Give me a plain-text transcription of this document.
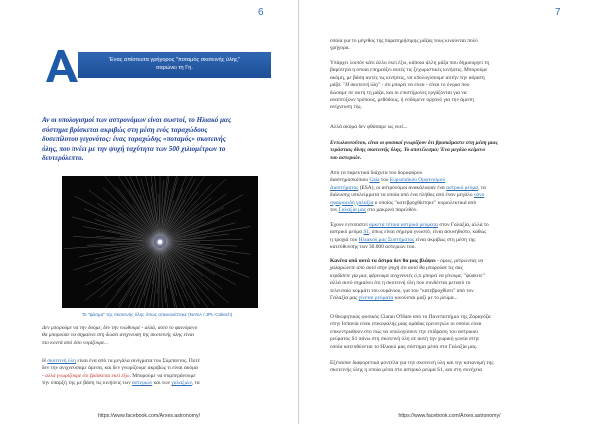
6
Ένας απίστευτα γρήγορος "ποταμός σκοτεινής ύλης"
σαρώνει τη Γη.
Αν οι υπολογισμοί των αστρονόμων είναι σωστοί, το Ηλιακό μας
σύστημα βρίσκεται ακριβώς στη μέση ενός ταραχώδους
δυσεπίλυτου γεγονότος: ένας ταραχώδης «ποταμός» σκοτεινής
ύλης, που πνέει με την ψυχή ταχύτητα των 500 χιλιομέτρων το
δευτερόλεπτο.
Το "φάσμα" της σκοτεινής ύλης όπως απεικονίστηκε (NASA / JPL-Caltech)
Δεν μπορούμε να την δούμε, δεν την νιώθουμε - αλλά, αυτό το φαινόμενο
θα μπορούσε να σημαίνει στη δώσει ανίχνευση της σκοτεινής ύλης είναι
πιο κοντά από όσο νομίζουμε...
Η σκοτεινή ύλη είναι ένα από τα μεγάλα αινίγματα του Σύμπαντος. Ποτέ
δεν την ανιχνεύσαμε άμεσα, και δεν γνωρίζουμε ακριβώς τι είναι ακόμα
- αλλά γνωρίζουμε ότι βρίσκεται εκεί έξω. Μπορούμε να συμπεράνουμε
την ύπαρξή της με βάση τις κινήσεις των αστεριών και των γαλαξιών, τα
https://www.facebook.com/Arxes.astronomy/
7
οποία για το μέγεθος της παρατηρήσιμης μάζας τους κινούνται πολύ
γρήγορα.
Υπάρχει λοιπόν κάτι άλλο εκεί έξω, κάποια άλλη μάζα που δημιουργεί τη
βαρύτητα η οποία επηρεάζει αυτές τις ξεχωριστικές κινήσεις. Μπορούμε
ακόμη, με βάση αυτές τις κινήσεις, να υπολογίσουμε αυτήν την αόρατη
μάζα. "Η σκοτεινή ύλη" - ότι μπορεί να είναι - είναι το όνομα που
δώσαμε σε αυτή τη μάζα, και οι επιστήμονες εργάζονται για να
αναπτύξουν τρόπους, μεθόδους, ή εσδόμενε οργανό για την άμεση
ανίχνευση της.
Αλλά ακόμα δεν φθάσαμε ως εκεί...
Εντωλουτούτου, είναι οι φυσικοί γνωρίζουν ότι βρισκόμαστε στη μέση μιας
τεράστιας δίνης σκοτεινής ύλης. Το αποτέλεσμα; Ένα μεγάλο κείμενο
του αστεριών.
Από τα παρεκτικά διάχυτα του δορυφόρου
διαστημοσκόπιου Gaia του Ευρωπαϊκού Οργανισμού
Διαστήματος (ESA), οι αστρονόμοι ανακάλυψαν ένα αστρικό ρεύμα, τα
διάλυσης υπολείμματα τα οποία από ένα πλήθος από έναν μεγάλο νάνο
σφαιροειδή γαλαξία ο οποίος "κατεβροχθίστηκε" κυριολεκτικά από
τον Γαλαξία μας στο μακρινό παρελθόν.
Έχουν εντοπιστεί αρκετά τέτοια αστρικά ρεύματα στον Γαλαξία, αλλά το
αστρικό ρεύμα S1, όπως είναι σήμερα γνωστό, είναι ασυνήθιστο, καθώς
η τροχιά του Ηλιακού μας Συστήματος είναι ακριβώς στη μέση της
κατεύθυνσης των 30.000 αστεριών του.
Κανένα από αυτά τα άστρα δεν θα μας βλάψει - όμως, μετρώντας να
χαλαρώνετε από αυτό στην ψυχή ότι αυτό θα μπορούσε τις σας
κερδίσετε για μια, φέρνουμε ανιχνευτές ό,τι μπορεί να γίνουμε, "φύσκιτε"
αλλά αυτό σημαίνει ότι η σκοτεινή ύλη που συνδέεται μετασύ το
τελευταίο κομμάτι του ουράνιου, για του "κατεβροχθίσει" από τον
Γαλαξία μας γίνεται ρεύματα κινούνται μαζί με το ρεύμα...
Ο θεωρητικός φυσικός Ciaran O'Hare από το Πανεπιστήμιο της Ζαραγόζα
στην Ισπανία είναι επικεφαλής μιας ομάδας ερευνητών οι οποίοι είναι
επικεντρωθούν στο πώς να υπολογίσουν την επίδραση του αστρικού
ρεύματος S1 πάνω στη σκοτεινή ύλη σε αυτή την χωρική γωνία στην
οποία κατευθύνεται το Ηλιακό μας σύστημα μέσα στο Γαλαξία μας.
Εξέτασαν διαφορετικά μοντέλα για την σκοτεινή ύλη και την κατανομή της
σκοτεινής ύλης η οποία μέσα στο αστρικό ρεύμα S1, και στη συνέχεια
https://www.facebook.com/Arxes.astronomy/
